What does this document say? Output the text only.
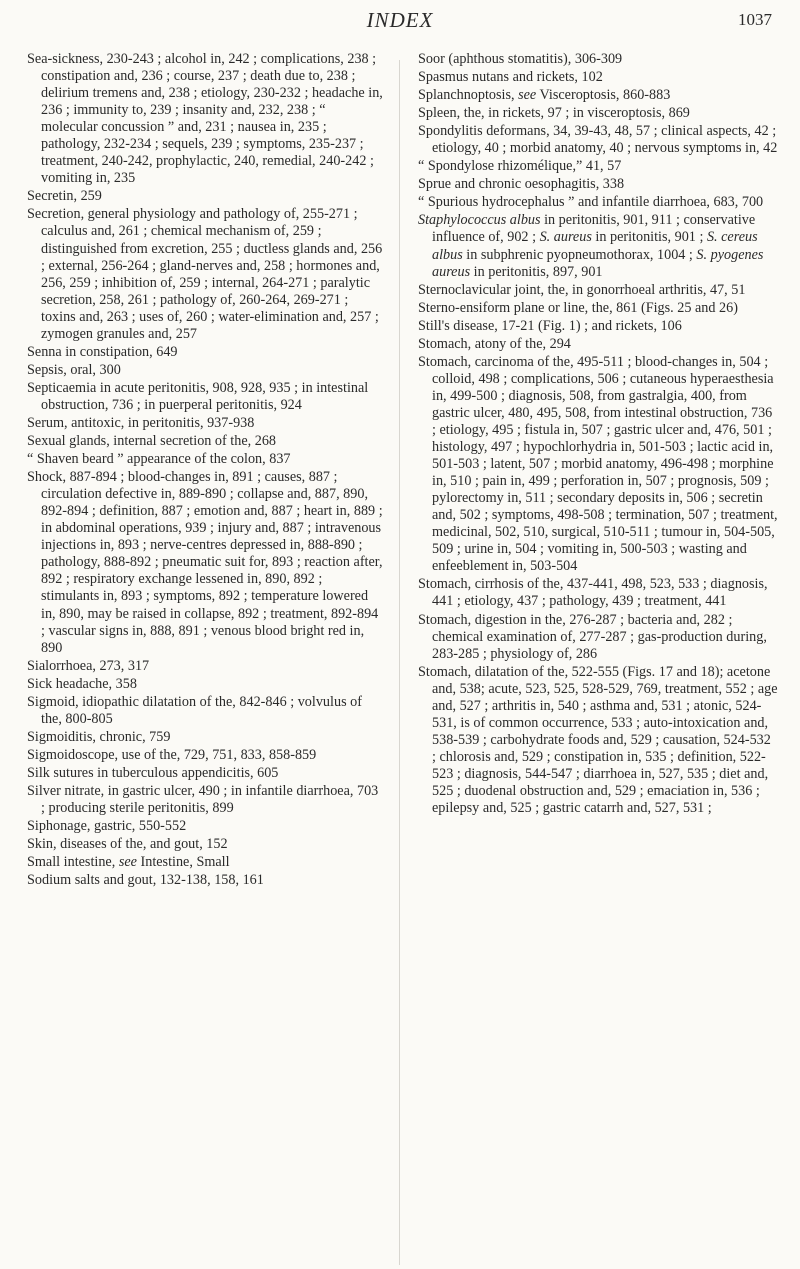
INDEX	1037

Sea-sickness, 230-243 ; alcohol in, 242 ; complications, 238 ; constipation and, 236 ; course, 237 ; death due to, 238 ; delirium tremens and, 238 ; etiology, 230-232 ; headache in, 236 ; immunity to, 239 ; insanity and, 232, 238 ; “ molecular concussion ” and, 231 ; nausea in, 235 ; pathology, 232-234 ; sequels, 239 ; symptoms, 235-237 ; treatment, 240-242, prophylactic, 240, remedial, 240-242 ; vomiting in, 235

Secretin, 259

Secretion, general physiology and pathology of, 255-271 ; calculus and, 261 ; chemical mechanism of, 259 ; distinguished from excretion, 255 ; ductless glands and, 256 ; external, 256-264 ; gland-nerves and, 258 ; hormones and, 256, 259 ; inhibition of, 259 ; internal, 264-271 ; paralytic secretion, 258, 261 ; pathology of, 260-264, 269-271 ; toxins and, 263 ; uses of, 260 ; water-elimination and, 257 ; zymogen granules and, 257

Senna in constipation, 649

Sepsis, oral, 300

Septicaemia in acute peritonitis, 908, 928, 935 ; in intestinal obstruction, 736 ; in puerperal peritonitis, 924

Serum, antitoxic, in peritonitis, 937-938

Sexual glands, internal secretion of the, 268

“ Shaven beard ” appearance of the colon, 837

Shock, 887-894 ; blood-changes in, 891 ; causes, 887 ; circulation defective in, 889-890 ; collapse and, 887, 890, 892-894 ; definition, 887 ; emotion and, 887 ; heart in, 889 ; in abdominal operations, 939 ; injury and, 887 ; intravenous injections in, 893 ; nerve-centres depressed in, 888-890 ; pathology, 888-892 ; pneumatic suit for, 893 ; reaction after, 892 ; respiratory exchange lessened in, 890, 892 ; stimulants in, 893 ; symptoms, 892 ; temperature lowered in, 890, may be raised in collapse, 892 ; treatment, 892-894 ; vascular signs in, 888, 891 ; venous blood bright red in, 890

Sialorrhoea, 273, 317

Sick headache, 358

Sigmoid, idiopathic dilatation of the, 842-846 ; volvulus of the, 800-805

Sigmoiditis, chronic, 759

Sigmoidoscope, use of the, 729, 751, 833, 858-859

Silk sutures in tuberculous appendicitis, 605

Silver nitrate, in gastric ulcer, 490 ; in infantile diarrhoea, 703 ; producing sterile peritonitis, 899

Siphonage, gastric, 550-552

Skin, diseases of the, and gout, 152

Small intestine, see Intestine, Small

Sodium salts and gout, 132-138, 158, 161

Soor (aphthous stomatitis), 306-309

Spasmus nutans and rickets, 102

Splanchnoptosis, see Visceroptosis, 860-883

Spleen, the, in rickets, 97 ; in visceroptosis, 869

Spondylitis deformans, 34, 39-43, 48, 57 ; clinical aspects, 42 ; etiology, 40 ; morbid anatomy, 40 ; nervous symptoms in, 42

“ Spondylose rhizomélique,” 41, 57

Sprue and chronic oesophagitis, 338

“ Spurious hydrocephalus ” and infantile diarrhoea, 683, 700

Staphylococcus albus in peritonitis, 901, 911 ; conservative influence of, 902 ; S. aureus in peritonitis, 901 ; S. cereus albus in subphrenic pyopneumothorax, 1004 ; S. pyogenes aureus in peritonitis, 897, 901

Sternoclavicular joint, the, in gonorrhoeal arthritis, 47, 51

Sterno-ensiform plane or line, the, 861 (Figs. 25 and 26)

Still's disease, 17-21 (Fig. 1) ; and rickets, 106

Stomach, atony of the, 294

Stomach, carcinoma of the, 495-511 ; blood-changes in, 504 ; colloid, 498 ; complications, 506 ; cutaneous hyperaesthesia in, 499-500 ; diagnosis, 508, from gastralgia, 400, from gastric ulcer, 480, 495, 508, from intestinal obstruction, 736 ; etiology, 495 ; fistula in, 507 ; gastric ulcer and, 476, 501 ; histology, 497 ; hypochlorhydria in, 501-503 ; lactic acid in, 501-503 ; latent, 507 ; morbid anatomy, 496-498 ; morphine in, 510 ; pain in, 499 ; perforation in, 507 ; prognosis, 509 ; pylorectomy in, 511 ; secondary deposits in, 506 ; secretin and, 502 ; symptoms, 498-508 ; termination, 507 ; treatment, medicinal, 502, 510, surgical, 510-511 ; tumour in, 504-505, 509 ; urine in, 504 ; vomiting in, 500-503 ; wasting and enfeeblement in, 503-504

Stomach, cirrhosis of the, 437-441, 498, 523, 533 ; diagnosis, 441 ; etiology, 437 ; pathology, 439 ; treatment, 441

Stomach, digestion in the, 276-287 ; bacteria and, 282 ; chemical examination of, 277-287 ; gas-production during, 283-285 ; physiology of, 286

Stomach, dilatation of the, 522-555 (Figs. 17 and 18); acetone and, 538; acute, 523, 525, 528-529, 769, treatment, 552 ; age and, 527 ; arthritis in, 540 ; asthma and, 531 ; atonic, 524-531, is of common occurrence, 533 ; auto-intoxication and, 538-539 ; carbohydrate foods and, 529 ; causation, 524-532 ; chlorosis and, 529 ; constipation in, 535 ; definition, 522-523 ; diagnosis, 544-547 ; diarrhoea in, 527, 535 ; diet and, 525 ; duodenal obstruction and, 529 ; emaciation in, 536 ; epilepsy and, 525 ; gastric catarrh and, 527, 531 ;
